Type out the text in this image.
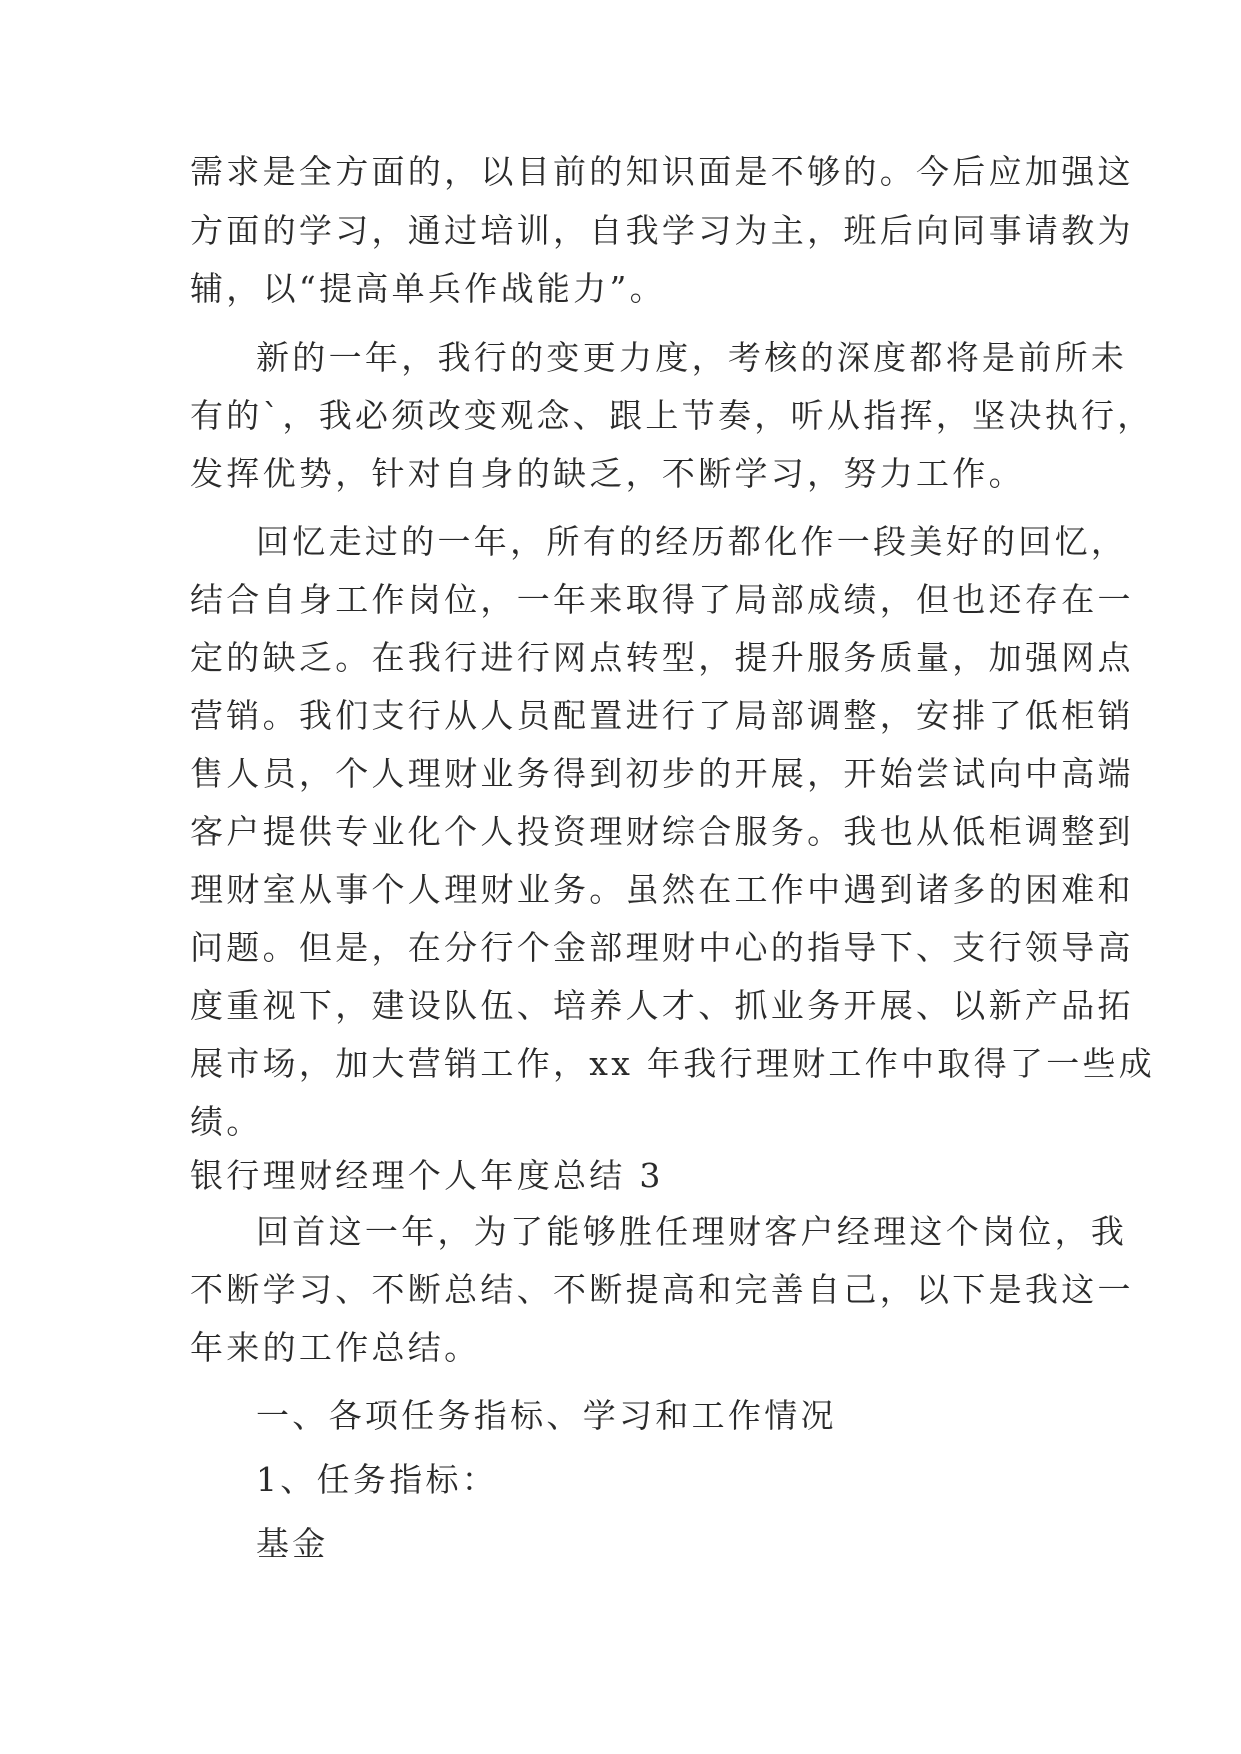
需求是全方面的，以目前的知识面是不够的。今后应加强这
方面的学习，通过培训，自我学习为主，班后向同事请教为
辅，以“提高单兵作战能力”。
新的一年，我行的变更力度，考核的深度都将是前所未
有的`，我必须改变观念、跟上节奏，听从指挥，坚决执行，
发挥优势，针对自身的缺乏，不断学习，努力工作。
回忆走过的一年，所有的经历都化作一段美好的回忆，
结合自身工作岗位，一年来取得了局部成绩，但也还存在一
定的缺乏。在我行进行网点转型，提升服务质量，加强网点
营销。我们支行从人员配置进行了局部调整，安排了低柜销
售人员，个人理财业务得到初步的开展，开始尝试向中高端
客户提供专业化个人投资理财综合服务。我也从低柜调整到
理财室从事个人理财业务。虽然在工作中遇到诸多的困难和
问题。但是，在分行个金部理财中心的指导下、支行领导高
度重视下，建设队伍、培养人才、抓业务开展、以新产品拓
展市场，加大营销工作，xx 年我行理财工作中取得了一些成
绩。
银行理财经理个人年度总结 3
回首这一年，为了能够胜任理财客户经理这个岗位，我
不断学习、不断总结、不断提高和完善自己，以下是我这一
年来的工作总结。
一、各项任务指标、学习和工作情况
1、任务指标：
基金
